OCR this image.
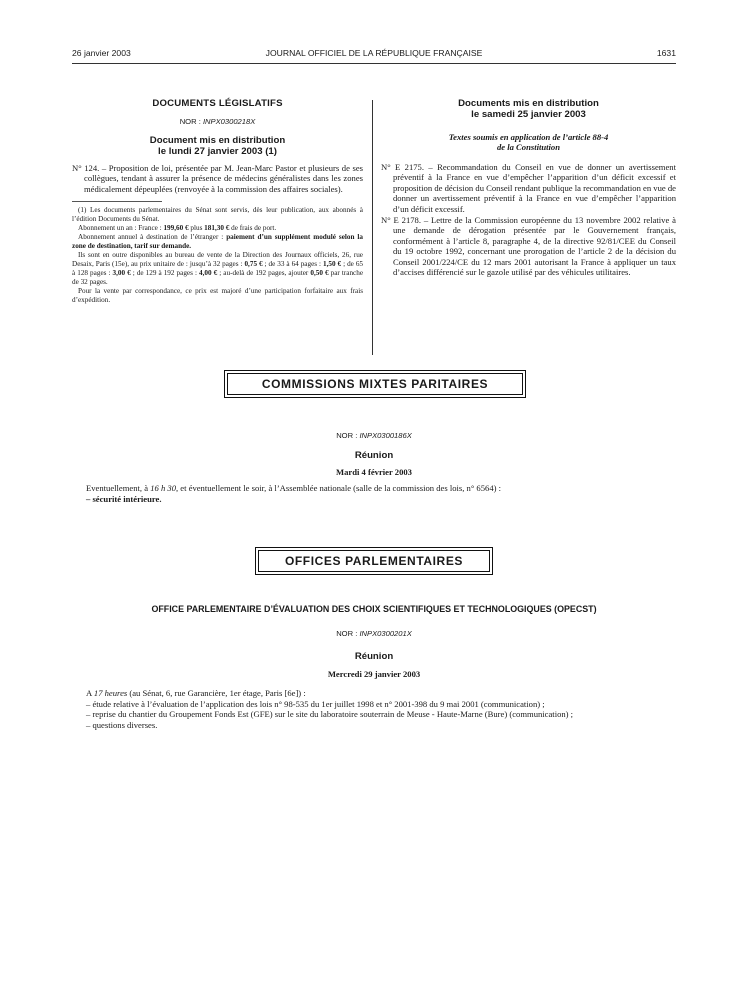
26 janvier 2003	JOURNAL OFFICIEL DE LA RÉPUBLIQUE FRANÇAISE	1631
DOCUMENTS LÉGISLATIFS
NOR : INPX0300218X
Document mis en distribution
le lundi 27 janvier 2003 (1)
N° 124. – Proposition de loi, présentée par M. Jean-Marc Pastor et plusieurs de ses collègues, tendant à assurer la présence de médecins généralistes dans les zones médicalement dépeuplées (renvoyée à la commission des affaires sociales).

(1) Les documents parlementaires du Sénat sont servis, dès leur publication, aux abonnés à l’édition Documents du Sénat.

Abonnement un an : France : 199,60 € plus 181,30 € de frais de port.

Abonnement annuel à destination de l’étranger : paiement d’un supplément modulé selon la zone de destination, tarif sur demande.

Ils sont en outre disponibles au bureau de vente de la Direction des Journaux officiels, 26, rue Desaix, Paris (15e), au prix unitaire de : jusqu’à 32 pages : 0,75 € ; de 33 à 64 pages : 1,50 € ; de 65 à 128 pages : 3,00 € ; de 129 à 192 pages : 4,00 € ; au-delà de 192 pages, ajouter 0,50 € par tranche de 32 pages.

Pour la vente par correspondance, ce prix est majoré d’une participation forfaitaire aux frais d’expédition.

Documents mis en distribution
le samedi 25 janvier 2003
Textes soumis en application de l’article 88-4
de la Constitution
N° E 2175. – Recommandation du Conseil en vue de donner un avertissement préventif à la France en vue d’empêcher l’apparition d’un déficit excessif et proposition de décision du Conseil rendant publique la recommandation en vue de donner un avertissement préventif à la France en vue d’empêcher l’apparition d’un déficit excessif.
N° E 2178. – Lettre de la Commission européenne du 13 novembre 2002 relative à une demande de dérogation présentée par le Gouvernement français, conformément à l’article 8, paragraphe 4, de la directive 92/81/CEE du Conseil du 19 octobre 1992, concernant une prorogation de l’article 2 de la décision du Conseil 2001/224/CE du 12 mars 2001 autorisant la France à appliquer un taux d’accises différencié sur le gazole utilisé par des véhicules utilitaires.
COMMISSIONS MIXTES PARITAIRES
NOR : INPX0300186X
Réunion
Mardi 4 février 2003

Eventuellement, à 16 h 30, et éventuellement le soir, à l’Assemblée nationale (salle de la commission des lois, n° 6564) :

– sécurité intérieure.

OFFICES PARLEMENTAIRES
OFFICE PARLEMENTAIRE D’ÉVALUATION DES CHOIX SCIENTIFIQUES ET TECHNOLOGIQUES (OPECST)
NOR : INPX0300201X
Réunion
Mercredi 29 janvier 2003

A 17 heures (au Sénat, 6, rue Garancière, 1er étage, Paris [6e]) :

– étude relative à l’évaluation de l’application des lois n° 98-535 du 1er juillet 1998 et n° 2001-398 du 9 mai 2001 (communication) ;

– reprise du chantier du Groupement Fonds Est (GFE) sur le site du laboratoire souterrain de Meuse - Haute-Marne (Bure) (communication) ;

– questions diverses.
